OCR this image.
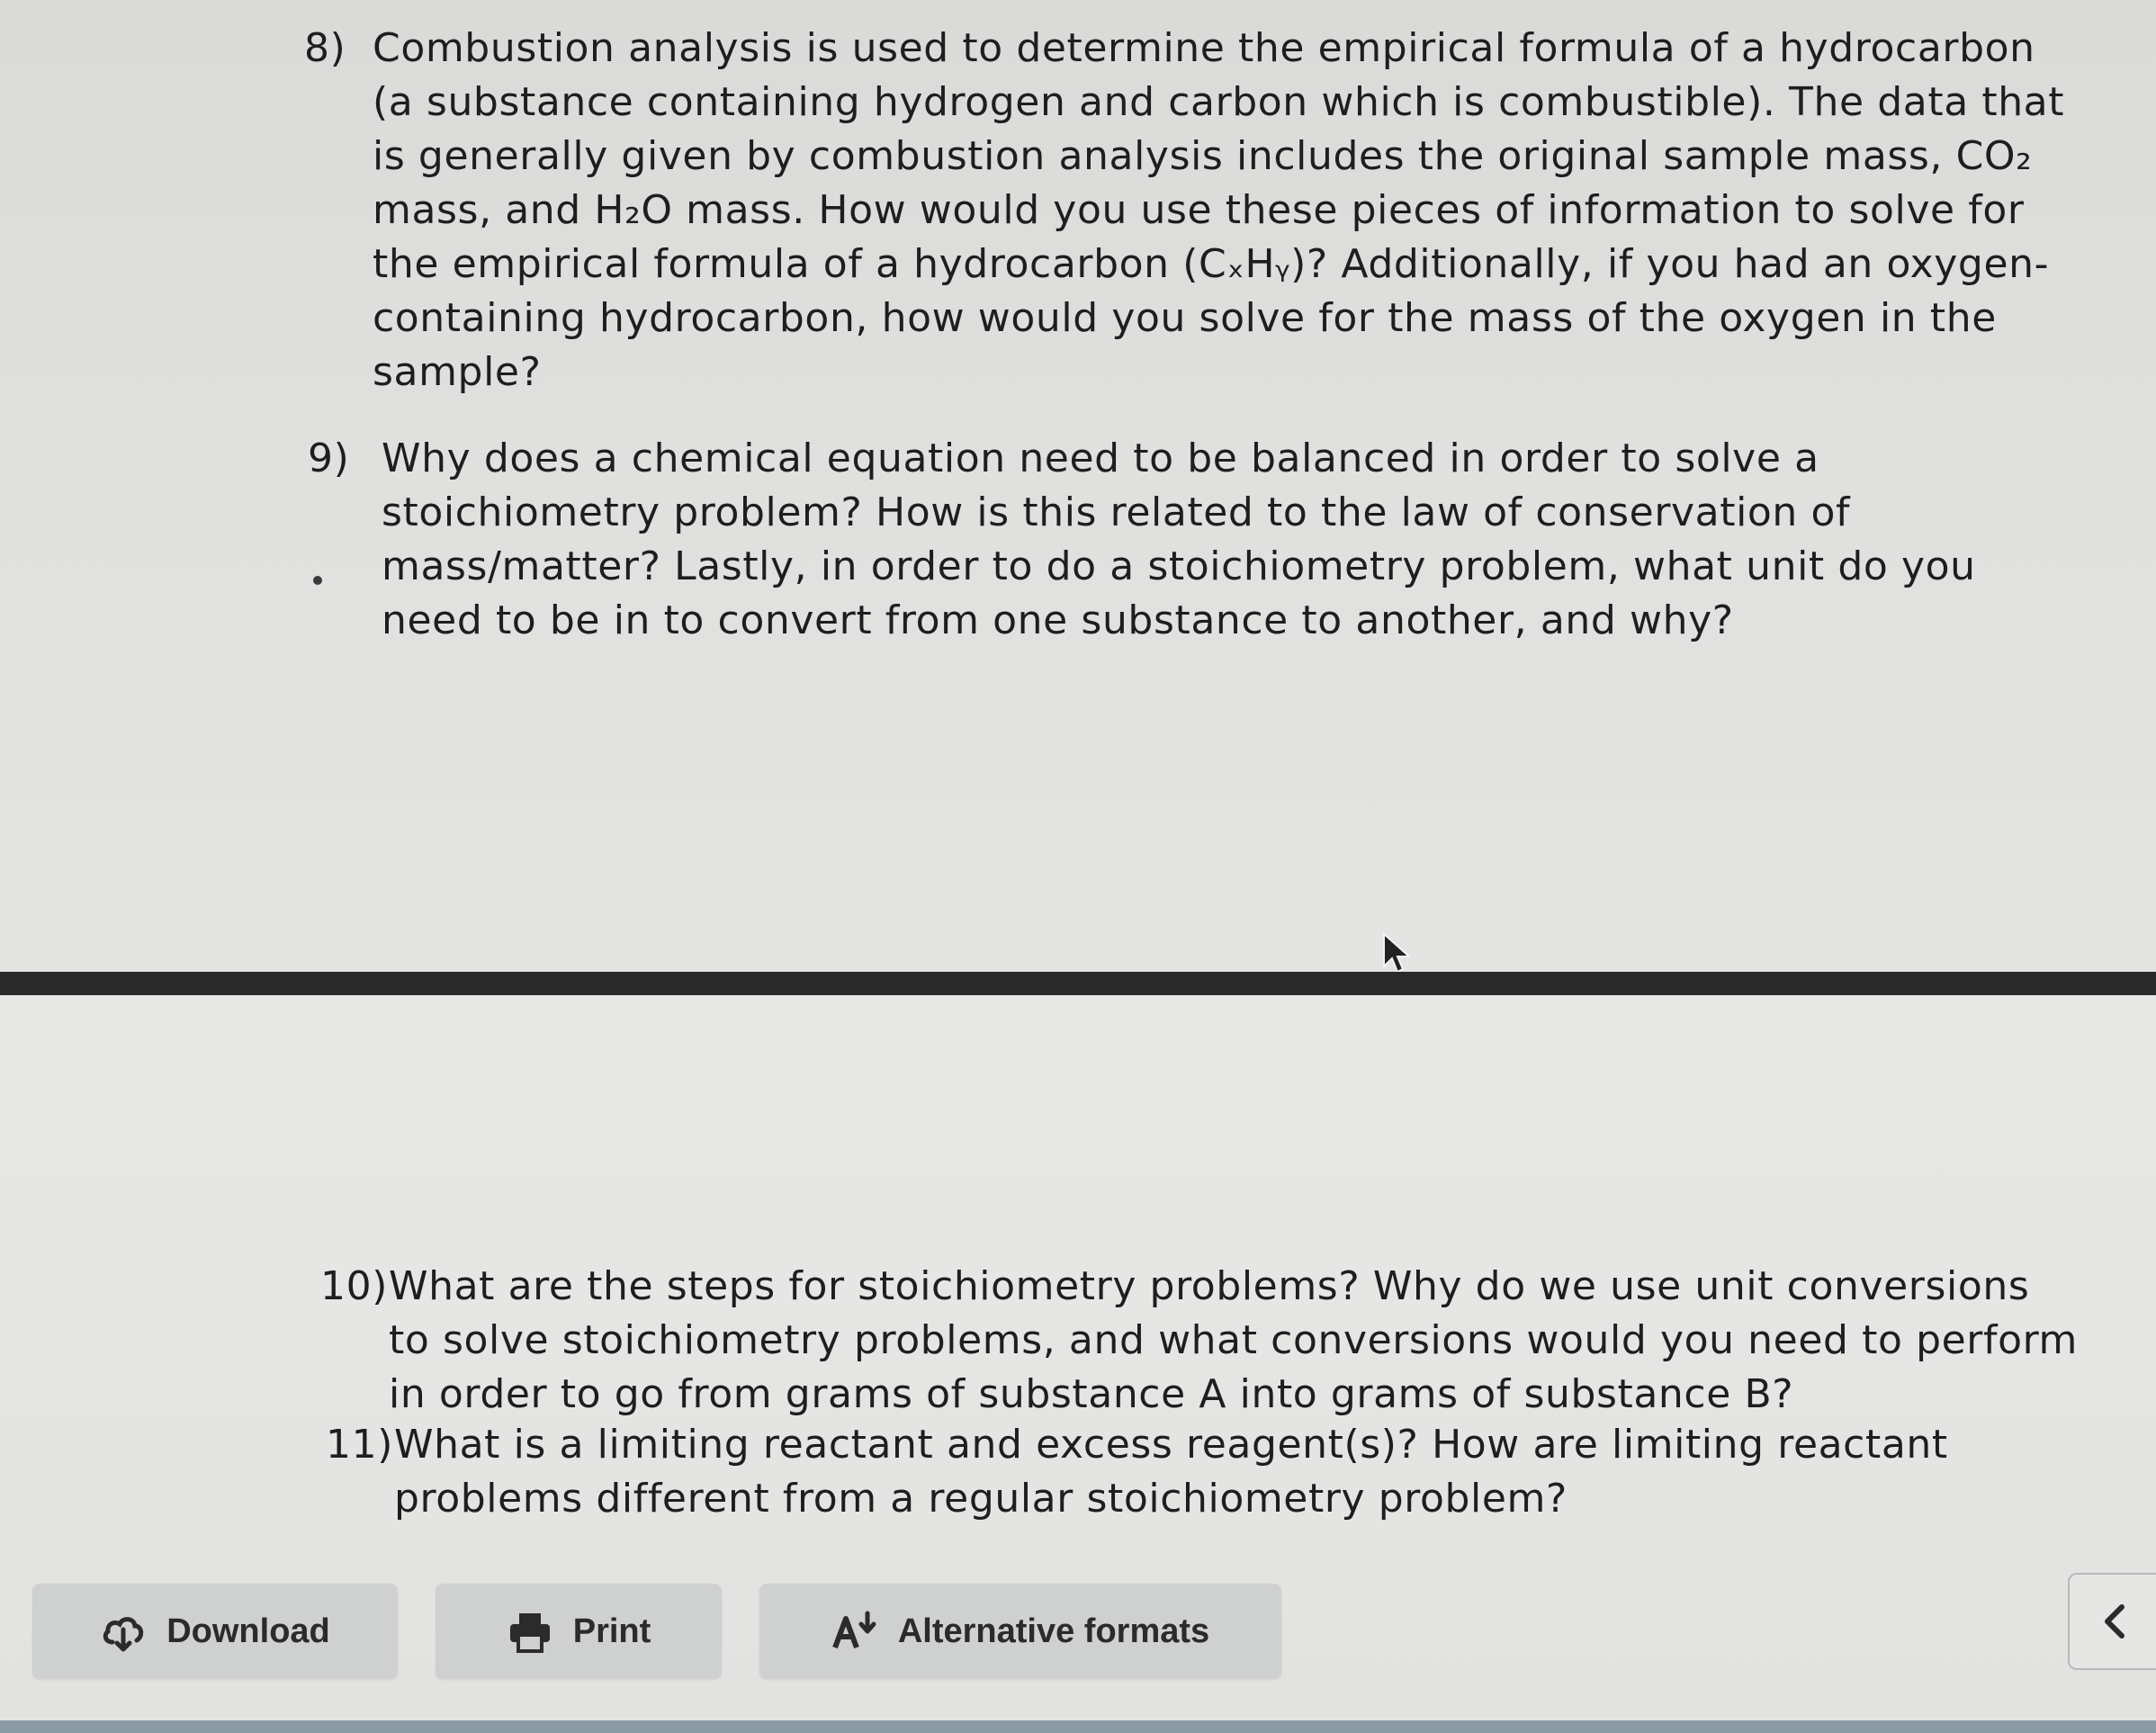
8) Combustion analysis is used to determine the empirical formula of a hydrocarbon
(a substance containing hydrogen and carbon which is combustible). The data that
is generally given by combustion analysis includes the original sample mass, CO₂
mass, and H₂O mass. How would you use these pieces of information to solve for
the empirical formula of a hydrocarbon (CₓHᵧ)? Additionally, if you had an oxygen-
containing hydrocarbon, how would you solve for the mass of the oxygen in the
sample?
9) Why does a chemical equation need to be balanced in order to solve a
stoichiometry problem? How is this related to the law of conservation of
mass/matter? Lastly, in order to do a stoichiometry problem, what unit do you
need to be in to convert from one substance to another, and why?
10) What are the steps for stoichiometry problems? Why do we use unit conversions
to solve stoichiometry problems, and what conversions would you need to perform
in order to go from grams of substance A into grams of substance B?
11) What is a limiting reactant and excess reagent(s)? How are limiting reactant
problems different from a regular stoichiometry problem?
Download	Print	Alternative formats
